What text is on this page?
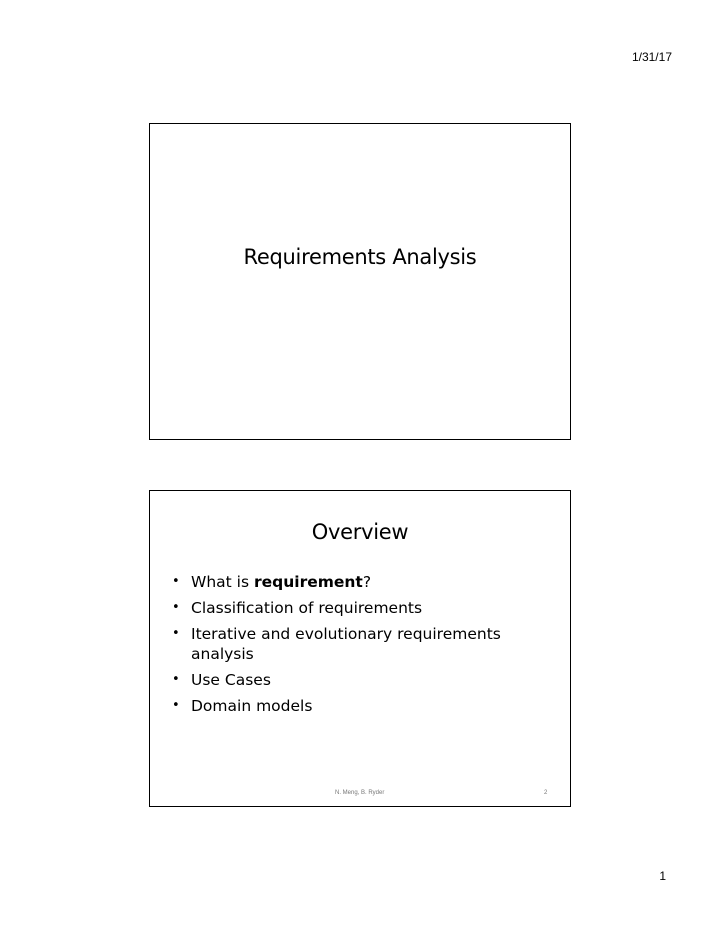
1/31/17
Requirements Analysis
Overview
• What is requirement?
• Classification of requirements
• Iterative and evolutionary requirements
analysis
• Use Cases
• Domain models
N. Meng, B. Ryder	2
1
